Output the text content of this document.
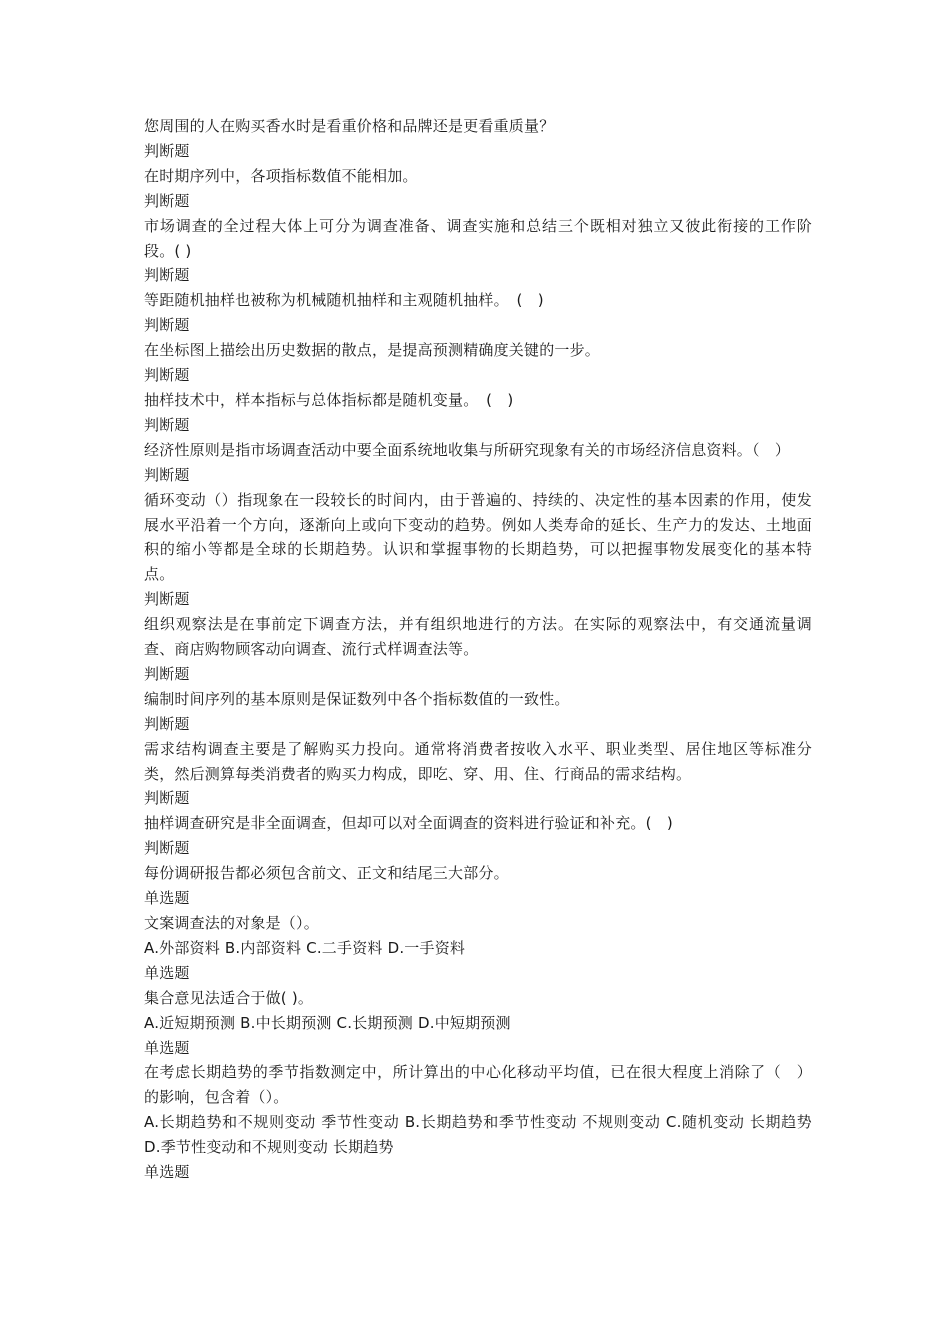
您周围的人在购买香水时是看重价格和品牌还是更看重质量？

判断题

在时期序列中，各项指标数值不能相加。

判断题

市场调查的全过程大体上可分为调查准备、调查实施和总结三个既相对独立又彼此衔接的工作阶段。( )

判断题

等距随机抽样也被称为机械随机抽样和主观随机抽样。　(　)

判断题

在坐标图上描绘出历史数据的散点，是提高预测精确度关键的一步。

判断题

抽样技术中，样本指标与总体指标都是随机变量。　(　)

判断题

经济性原则是指市场调查活动中要全面系统地收集与所研究现象有关的市场经济信息资料。（　）

判断题

循环变动（）指现象在一段较长的时间内，由于普遍的、持续的、决定性的基本因素的作用，使发展水平沿着一个方向，逐渐向上或向下变动的趋势。例如人类寿命的延长、生产力的发达、土地面积的缩小等都是全球的长期趋势。认识和掌握事物的长期趋势，可以把握事物发展变化的基本特点。

判断题

组织观察法是在事前定下调查方法，并有组织地进行的方法。在实际的观察法中，有交通流量调查、商店购物顾客动向调查、流行式样调查法等。

判断题

编制时间序列的基本原则是保证数列中各个指标数值的一致性。

判断题

需求结构调查主要是了解购买力投向。通常将消费者按收入水平、职业类型、居住地区等标准分类，然后测算每类消费者的购买力构成，即吃、穿、用、住、行商品的需求结构。

判断题

抽样调查研究是非全面调查，但却可以对全面调查的资料进行验证和补充。(　)

判断题

每份调研报告都必须包含前文、正文和结尾三大部分。

单选题

文案调查法的对象是（）。

A.外部资料 B.内部资料 C.二手资料 D.一手资料

单选题

集合意见法适合于做( )。

A.近短期预测 B.中长期预测 C.长期预测 D.中短期预测

单选题

在考虑长期趋势的季节指数测定中，所计算出的中心化移动平均值，已在很大程度上消除了（　）的影响，包含着（）。

A.长期趋势和不规则变动 季节性变动 B.长期趋势和季节性变动 不规则变动 C.随机变动 长期趋势 D.季节性变动和不规则变动 长期趋势

单选题
